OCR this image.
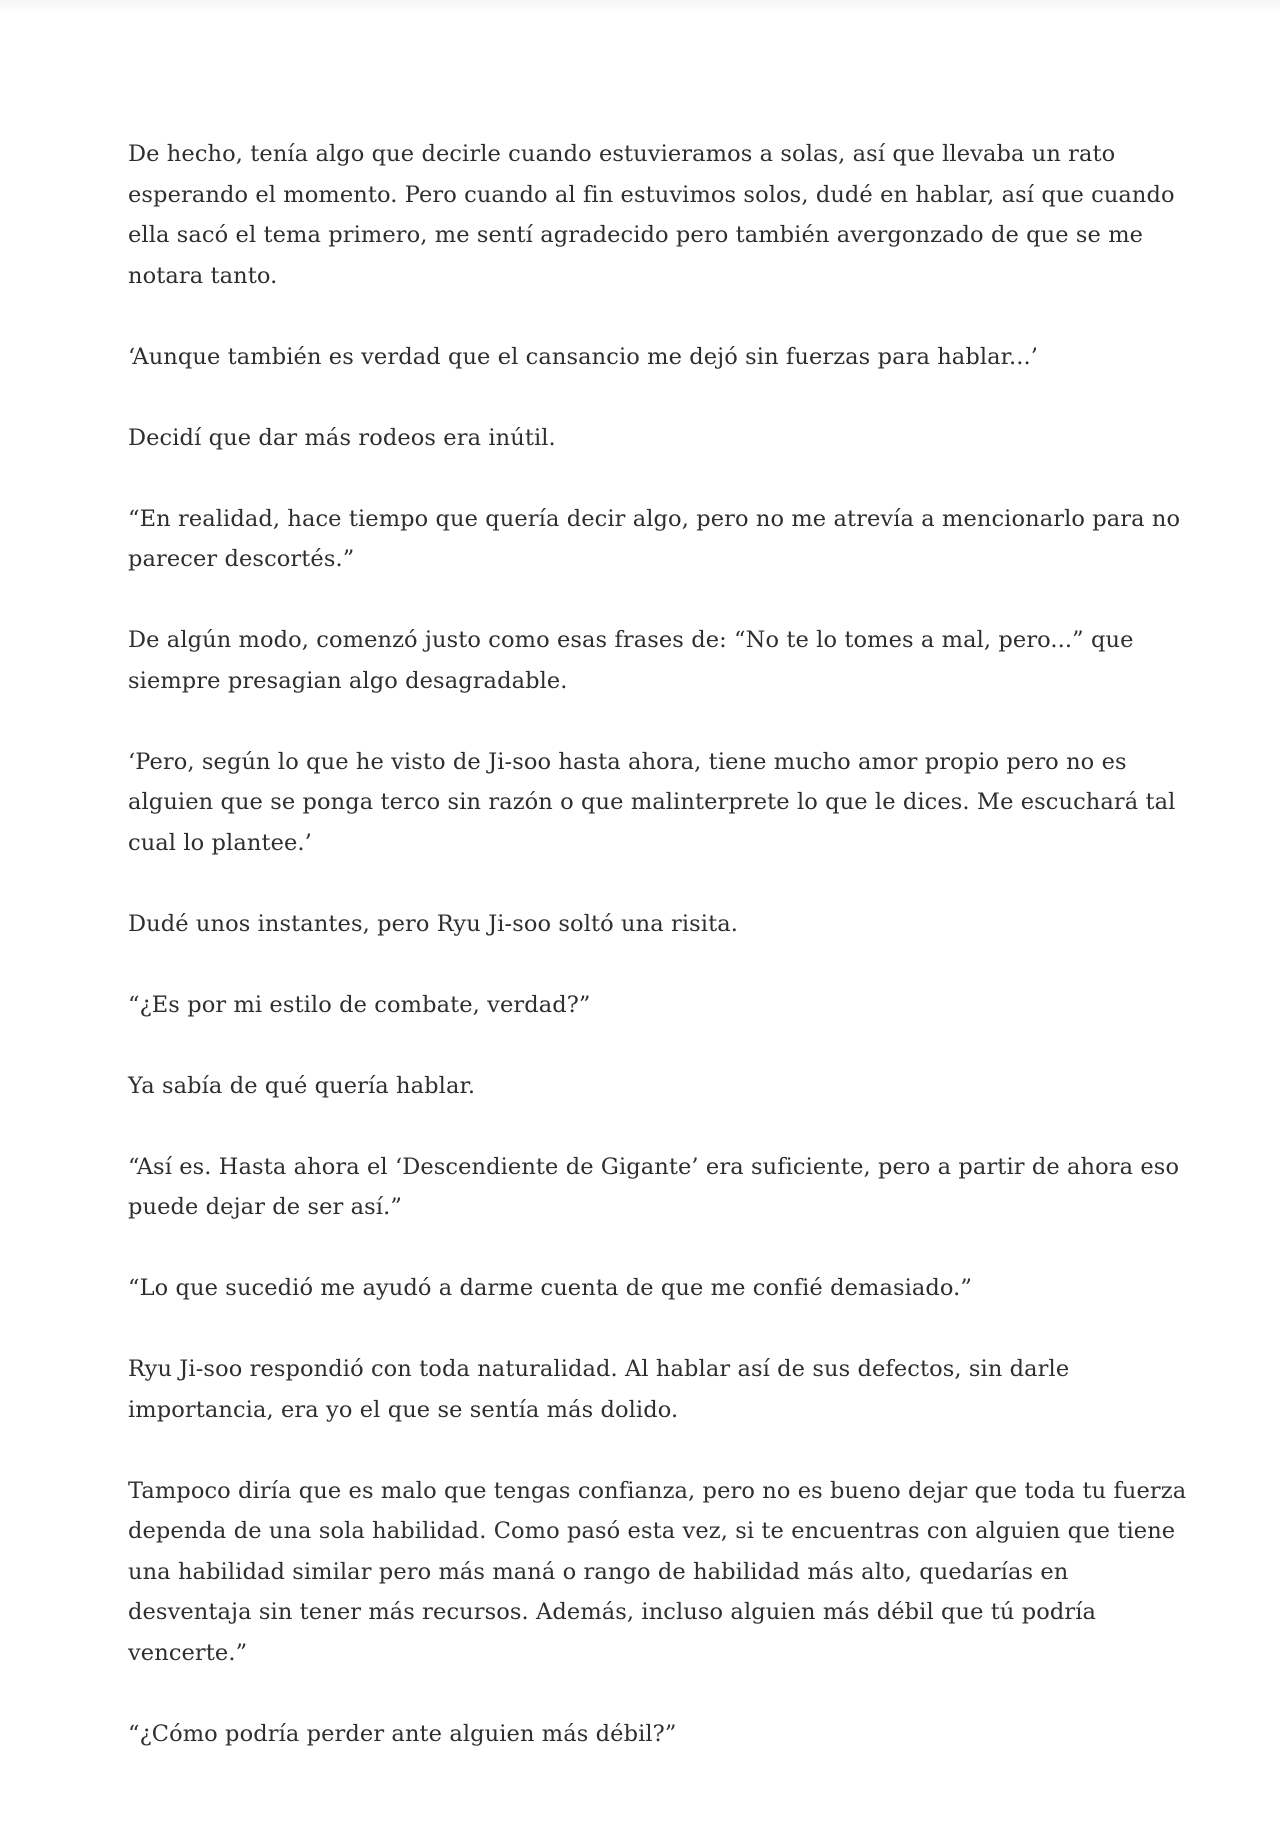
De hecho, tenía algo que decirle cuando estuvieramos a solas, así que llevaba un rato esperando el momento. Pero cuando al fin estuvimos solos, dudé en hablar, así que cuando ella sacó el tema primero, me sentí agradecido pero también avergonzado de que se me notara tanto.

‘Aunque también es verdad que el cansancio me dejó sin fuerzas para hablar...’

Decidí que dar más rodeos era inútil.

“En realidad, hace tiempo que quería decir algo, pero no me atrevía a mencionarlo para no parecer descortés.”

De algún modo, comenzó justo como esas frases de: “No te lo tomes a mal, pero...” que siempre presagian algo desagradable.

‘Pero, según lo que he visto de Ji-soo hasta ahora, tiene mucho amor propio pero no es alguien que se ponga terco sin razón o que malinterprete lo que le dices. Me escuchará tal cual lo plantee.’

Dudé unos instantes, pero Ryu Ji-soo soltó una risita.

“¿Es por mi estilo de combate, verdad?”

Ya sabía de qué quería hablar.

“Así es. Hasta ahora el ‘Descendiente de Gigante’ era suficiente, pero a partir de ahora eso puede dejar de ser así.”

“Lo que sucedió me ayudó a darme cuenta de que me confié demasiado.”

Ryu Ji-soo respondió con toda naturalidad. Al hablar así de sus defectos, sin darle importancia, era yo el que se sentía más dolido.

Tampoco diría que es malo que tengas confianza, pero no es bueno dejar que toda tu fuerza dependa de una sola habilidad. Como pasó esta vez, si te encuentras con alguien que tiene una habilidad similar pero más maná o rango de habilidad más alto, quedarías en desventaja sin tener más recursos. Además, incluso alguien más débil que tú podría vencerte.”

“¿Cómo podría perder ante alguien más débil?”
